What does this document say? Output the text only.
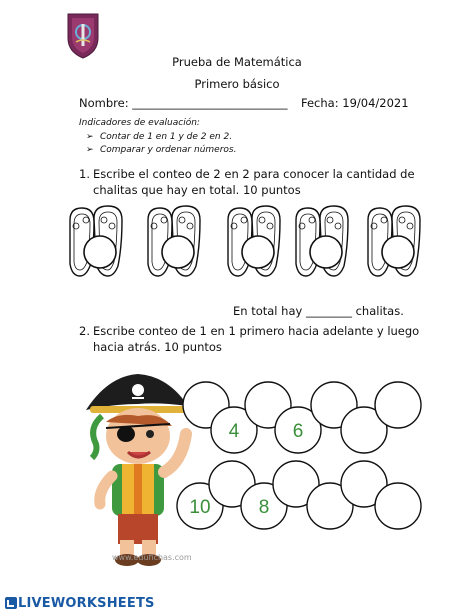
Prueba de Matemática
Primero básico
Nombre: ___________________________ Fecha: 19/04/2021
Indicadores de evaluación:
➢ Contar de 1 en 1 y de 2 en 2.
➢ Comparar y ordenar números.
1. Escribe el conteo de 2 en 2 para conocer la cantidad de
chalitas que hay en total. 10 puntos
En total hay ________ chalitas.
2. Escribe conteo de 1 en 1 primero hacia adelante y luego
hacia atrás. 10 puntos
www.edufichas.com
4	6
10	8
LIVEWORKSHEETS
